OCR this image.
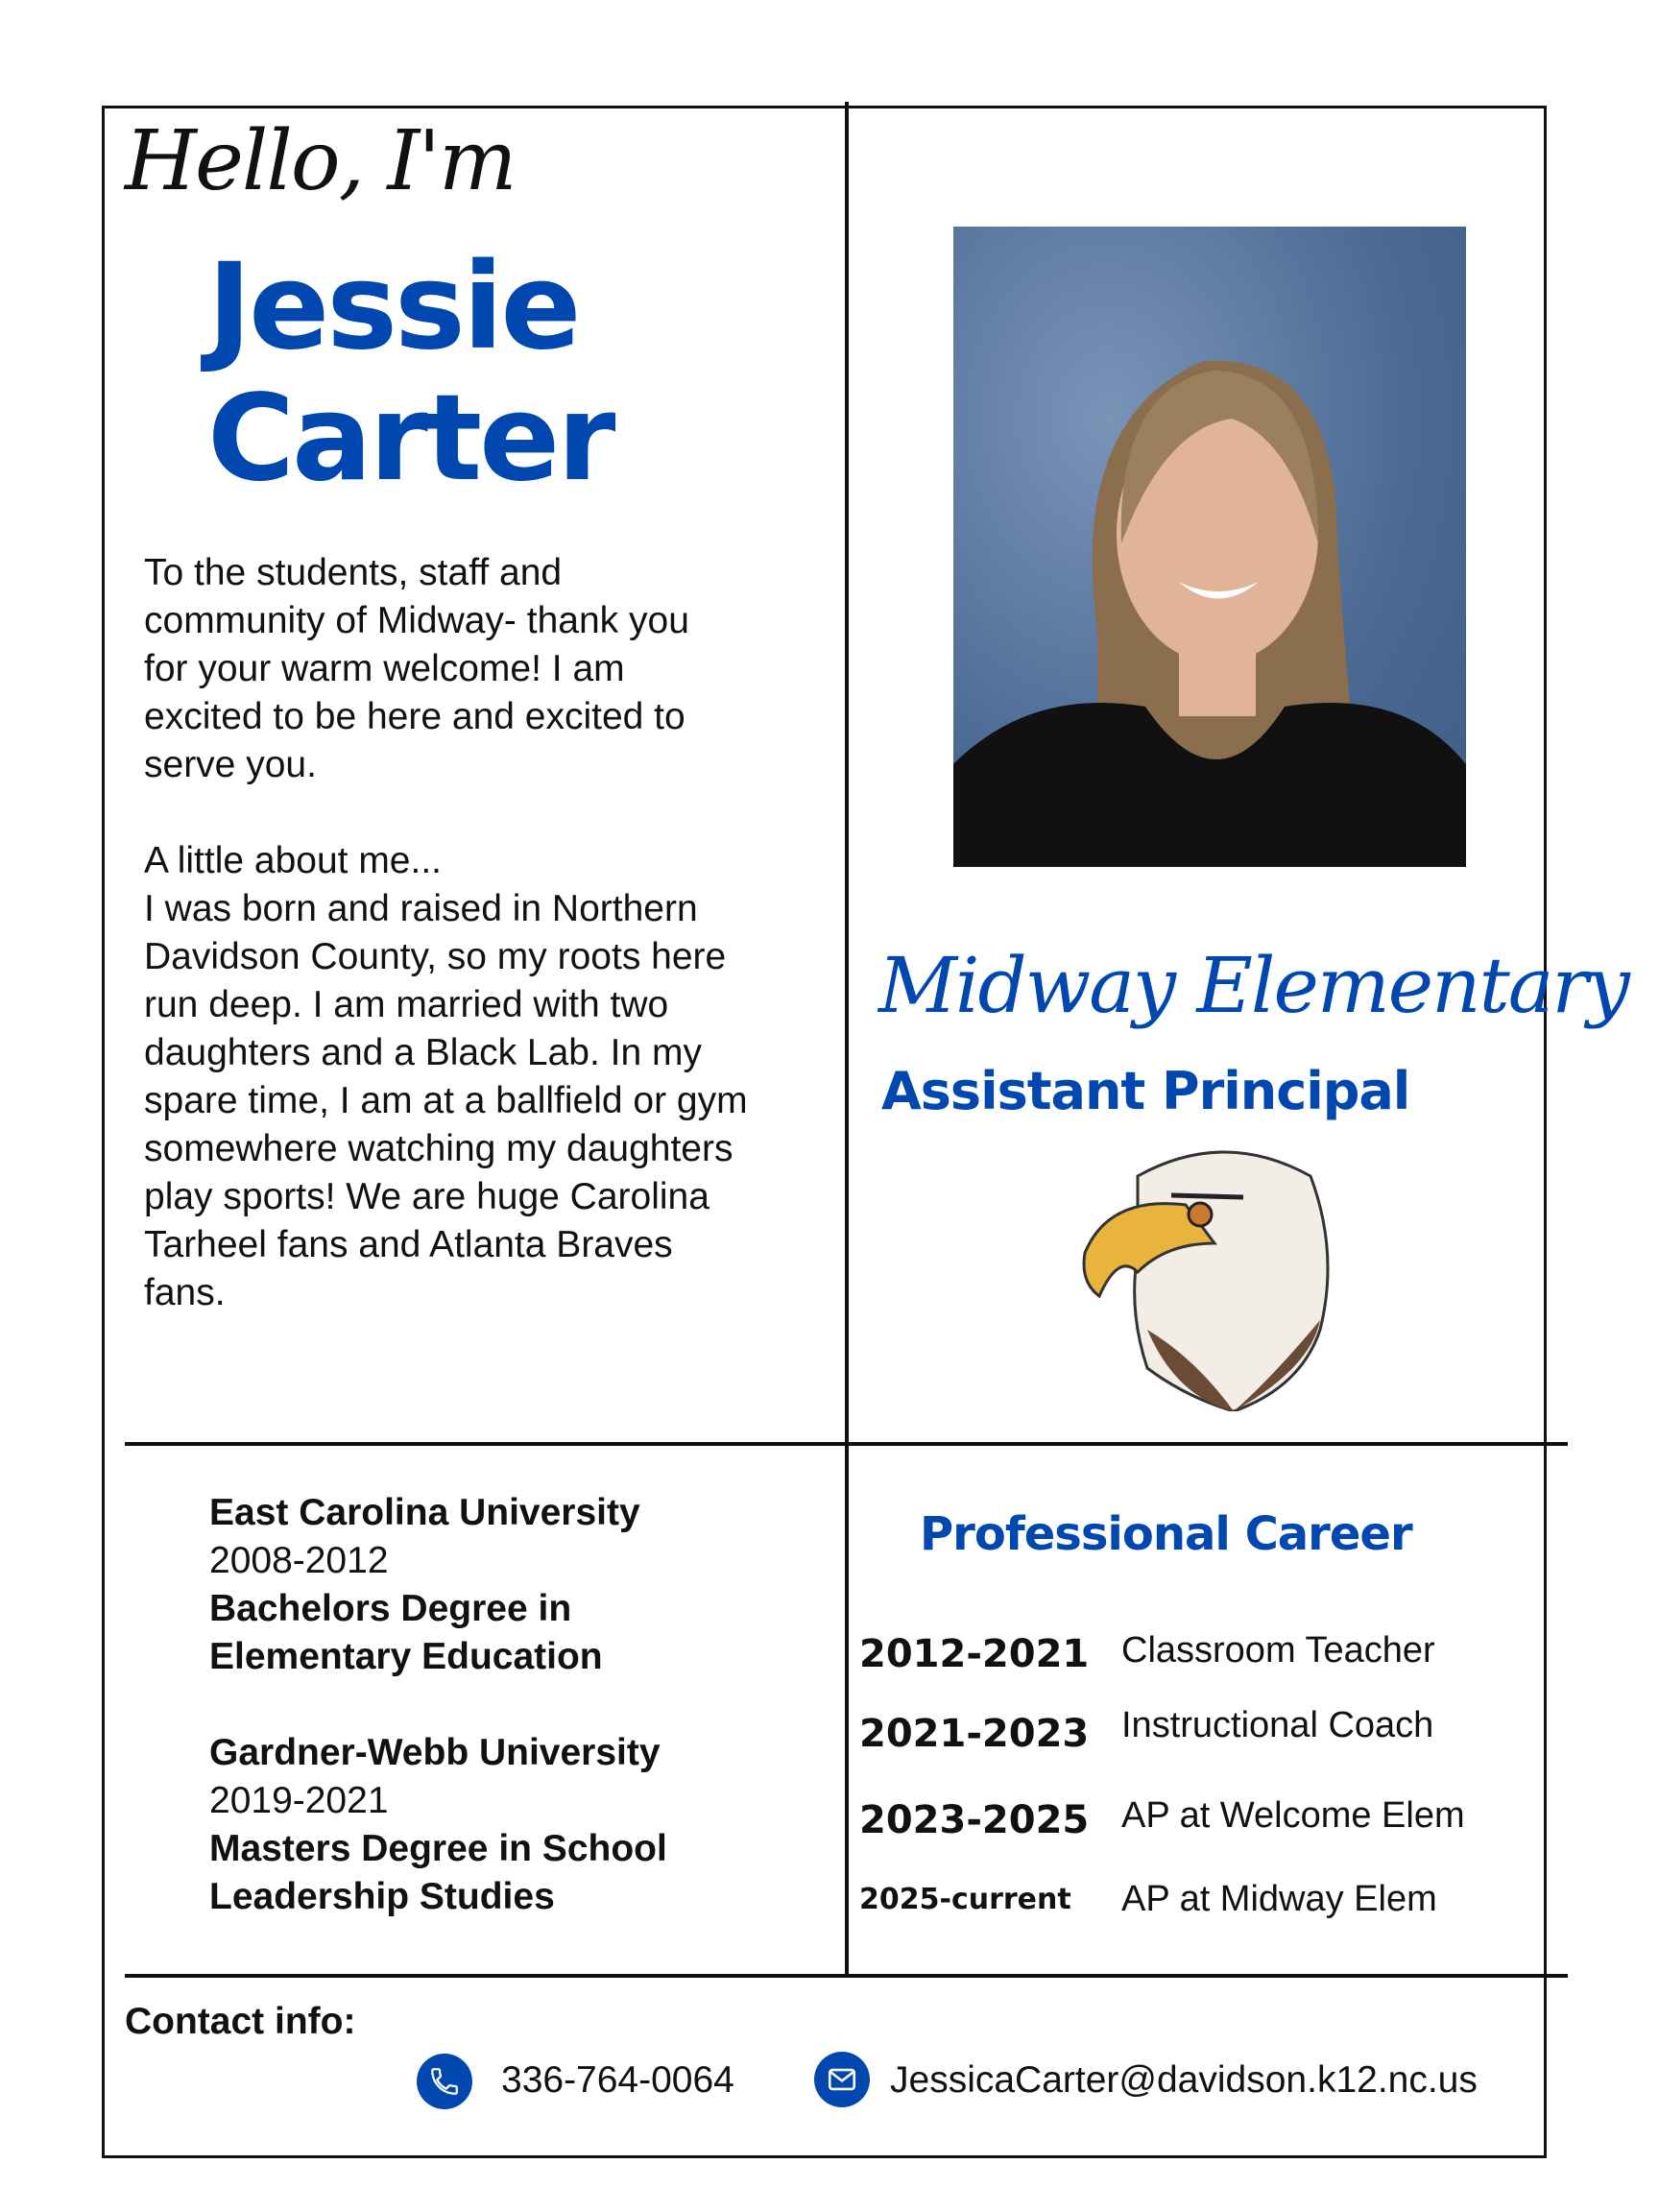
Hello, I'm
Jessie
Carter
To the students, staff and
community of Midway- thank you
for your warm welcome! I am
excited to be here and excited to
serve you.
A little about me...
I was born and raised in Northern
Davidson County, so my roots here
run deep. I am married with two
daughters and a Black Lab. In my
spare time, I am at a ballfield or gym
somewhere watching my daughters
play sports! We are huge Carolina
Tarheel fans and Atlanta Braves
fans.
Midway Elementary
Assistant Principal
East Carolina University
2008-2012
Bachelors Degree in
Elementary Education
Gardner-Webb University
2019-2021
Masters Degree in School
Leadership Studies
Professional Career
2012-2021 Classroom Teacher
2021-2023 Instructional Coach
2023-2025 AP at Welcome Elem
2025-current AP at Midway Elem
Contact info:
336-764-0064	JessicaCarter@davidson.k12.nc.us
